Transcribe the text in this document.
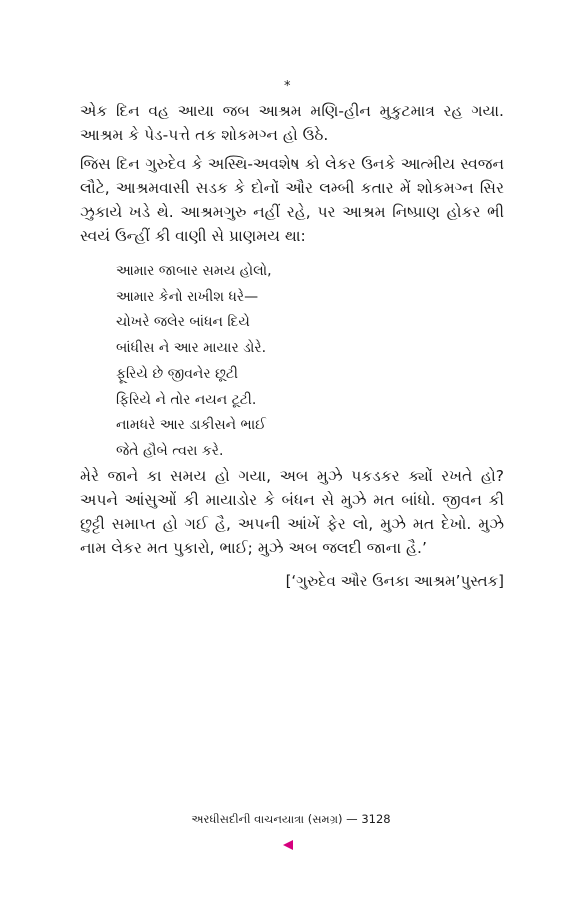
*

એક દિન વહ આયા જબ આશ્રમ મણિ-હીન મુકુટમાત્ર રહ ગયા. આશ્રમ કે પેડ-પત્તે તક શોકમગ્ન હો ઉઠે.

જિસ દિન ગુરુદેવ કે અસ્થિ-અવશેષ કો લેકર ઉનકે આત્મીય સ્વજન લૌટે, આશ્રમવાસી સડક કે દોનોં ઔર લમ્બી કતાર મેં શોકમગ્ન સિર ઝુકાયે ખડે થે. આશ્રમગુરુ નહીં રહે, પર આશ્રમ નિષ્પ્રાણ હોકર ભી સ્વયં ઉન્હીં કી વાણી સે પ્રાણમય થા:

આમાર જાબાર સમય હોલો,
આમાર કેનો રાખીશ ધરે—
ચોખરે જલેર બાંધન દિયે
બાંધીસ ને આર માયાર ડોરે.
ફૂરિયે છે જીવનેર છૂટી
ફિરિયે ને તોર નયન ટૂટી.
નામધરે આર ડાકીસને ભાઈ
જેતે હૌબે ત્વરા કરે.

મેરે જાને કા સમય હો ગયા, અબ મુઝે પકડકર ક્યોં રખતે હો? અપને આંસુઓં કી માયાડોર કે બંધન સે મુઝે મત બાંધો. જીવન કી છુટ્ટી સમાપ્ત હો ગઈ હૈ, અપની આંખેં ફેર લો, મુઝે મત દેખો. મુઝે નામ લેકર મત પુકારો, ભાઈ; મુઝે અબ જલદી જાના હૈ.’

[‘ગુરુદેવ ઔર ઉનકા આશ્રમ’પુસ્તક]
અરધીસદીની વાચનયાત્રા (સમગ્ર) — 3128
